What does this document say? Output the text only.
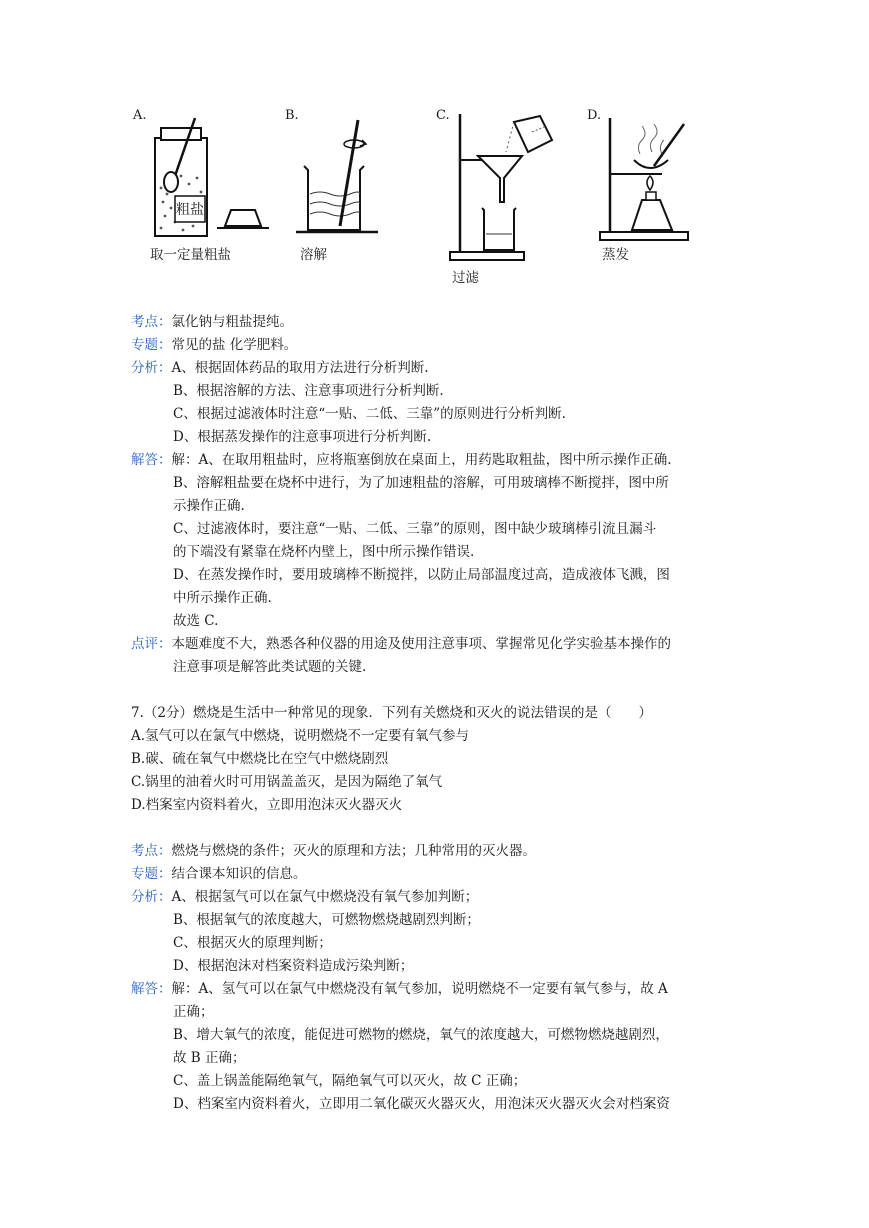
A.
粗盐
取一定量粗盐
B.
溶解
C.
过滤
D.
蒸发
考点：氯化钠与粗盐提纯。
专题：常见的盐 化学肥料。
分析：A、根据固体药品的取用方法进行分析判断.
B、根据溶解的方法、注意事项进行分析判断.
C、根据过滤液体时注意“一贴、二低、三靠”的原则进行分析判断.
D、根据蒸发操作的注意事项进行分析判断.
解答：解：A、在取用粗盐时，应将瓶塞倒放在桌面上，用药匙取粗盐，图中所示操作正确.
B、溶解粗盐要在烧杯中进行，为了加速粗盐的溶解，可用玻璃棒不断搅拌，图中所
示操作正确.
C、过滤液体时，要注意“一贴、二低、三靠”的原则，图中缺少玻璃棒引流且漏斗
的下端没有紧靠在烧杯内壁上，图中所示操作错误.
D、在蒸发操作时，要用玻璃棒不断搅拌，以防止局部温度过高，造成液体飞溅，图
中所示操作正确.
故选 C.
点评：本题难度不大，熟悉各种仪器的用途及使用注意事项、掌握常见化学实验基本操作的
注意事项是解答此类试题的关键.
7.（2分）燃烧是生活中一种常见的现象．下列有关燃烧和灭火的说法错误的是（　　）
A.氢气可以在氯气中燃烧，说明燃烧不一定要有氧气参与
B.碳、硫在氧气中燃烧比在空气中燃烧剧烈
C.锅里的油着火时可用锅盖盖灭，是因为隔绝了氧气
D.档案室内资料着火，立即用泡沫灭火器灭火
考点：燃烧与燃烧的条件；灭火的原理和方法；几种常用的灭火器。
专题：结合课本知识的信息。
分析：A、根据氢气可以在氯气中燃烧没有氧气参加判断；
B、根据氧气的浓度越大，可燃物燃烧越剧烈判断；
C、根据灭火的原理判断；
D、根据泡沫对档案资料造成污染判断；
解答：解：A、氢气可以在氯气中燃烧没有氧气参加，说明燃烧不一定要有氧气参与，故 A
正确；
B、增大氧气的浓度，能促进可燃物的燃烧，氧气的浓度越大，可燃物燃烧越剧烈，
故 B 正确；
C、盖上锅盖能隔绝氧气，隔绝氧气可以灭火，故 C 正确；
D、档案室内资料着火，立即用二氧化碳灭火器灭火，用泡沫灭火器灭火会对档案资
